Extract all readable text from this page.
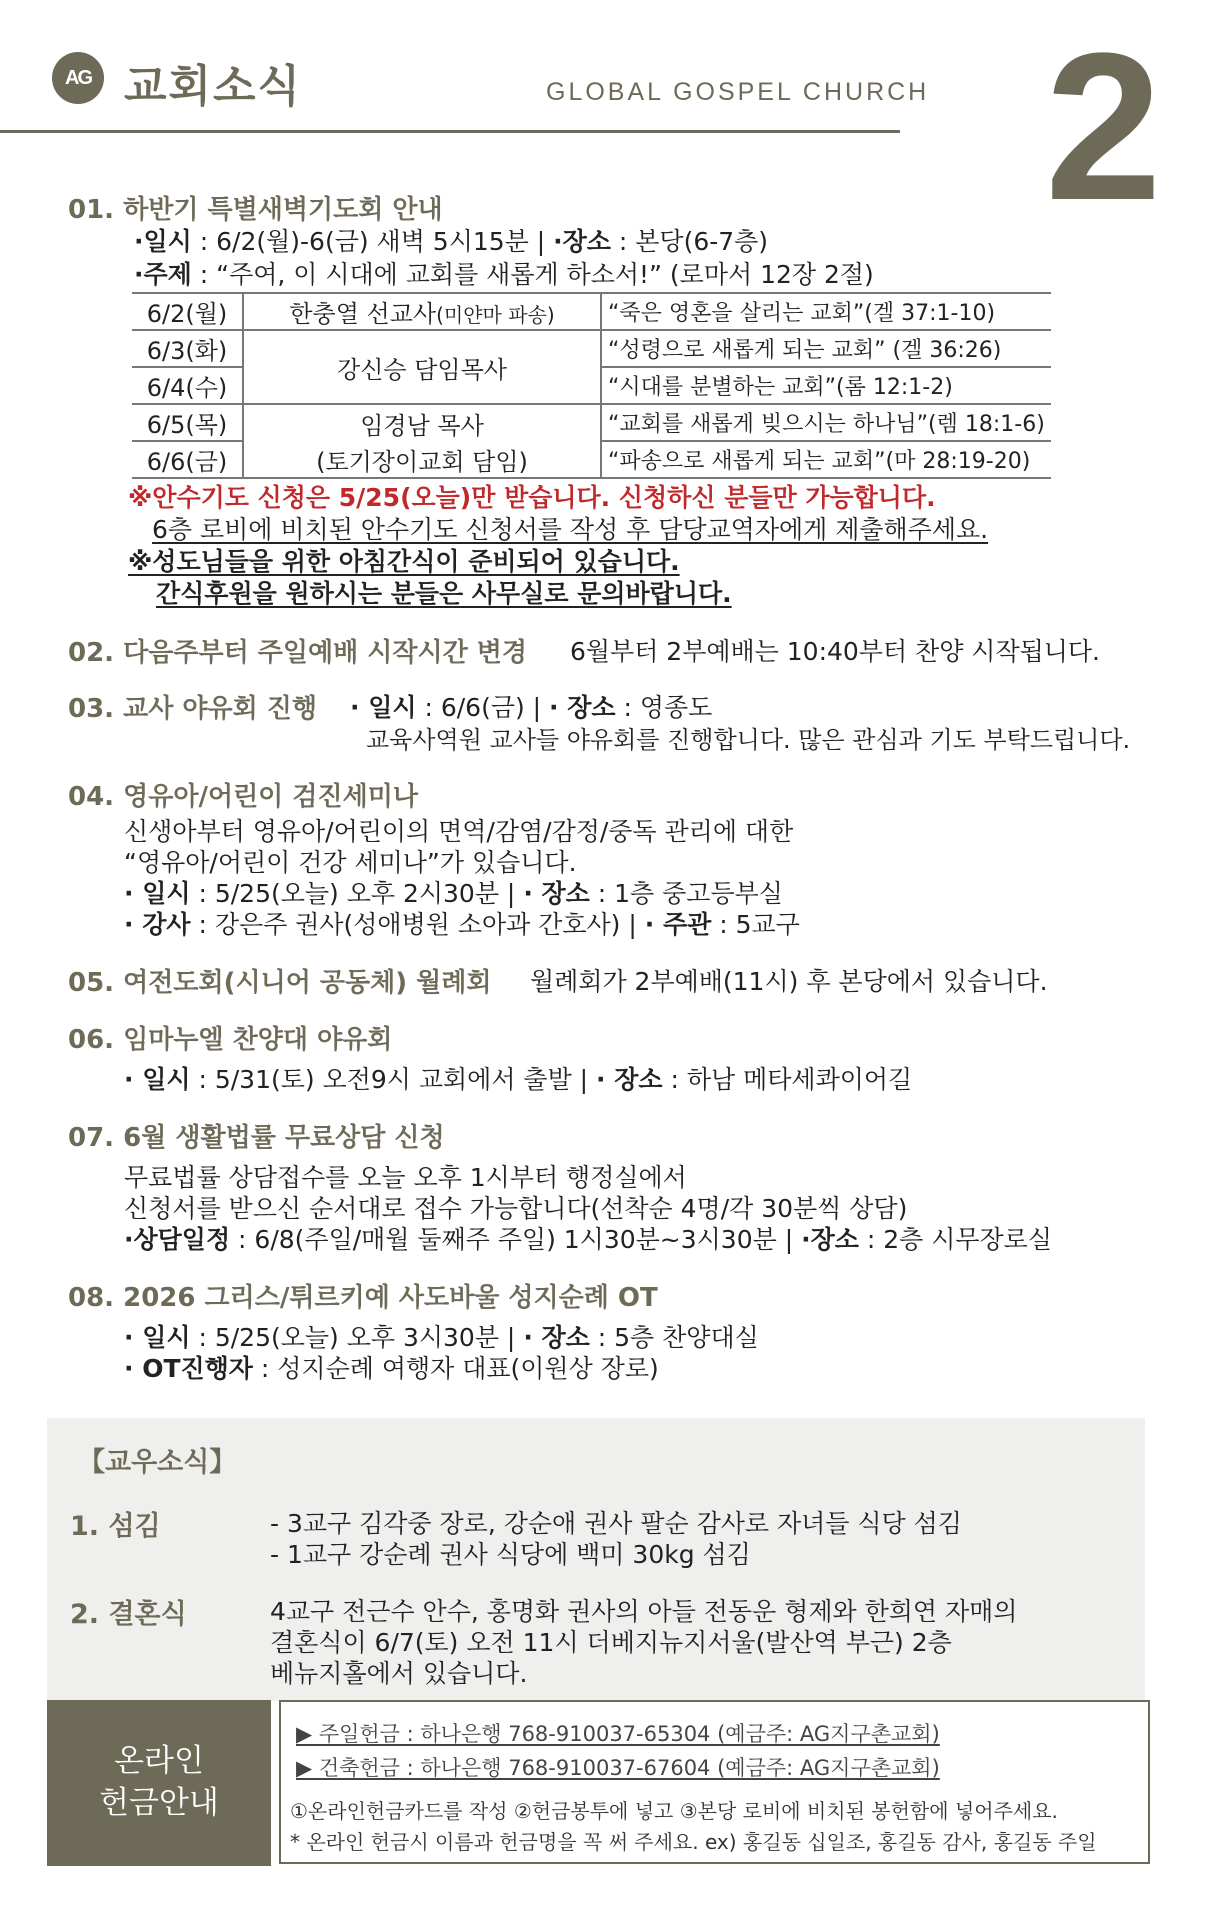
AG 교회소식	GLOBAL GOSPEL CHURCH 2
01. 하반기 특별새벽기도회 안내
·일시 : 6/2(월)-6(금) 새벽 5시15분 | ·장소 : 본당(6-7층)
·주제 : “주여, 이 시대에 교회를 새롭게 하소서!” (로마서 12장 2절)
6/2(월)	한충열 선교사(미얀마 파송)	“죽은 영혼을 살리는 교회”(겔 37:1-10)
6/3(화)	강신승 담임목사	“성령으로 새롭게 되는 교회” (겔 36:26)
6/4(수)		“시대를 분별하는 교회”(롬 12:1-2)
6/5(목)	임경남 목사	“교회를 새롭게 빚으시는 하나님”(렘 18:1-6)
6/6(금)	(토기장이교회 담임)	“파송으로 새롭게 되는 교회”(마 28:19-20)
※안수기도 신청은 5/25(오늘)만 받습니다. 신청하신 분들만 가능합니다.
6층 로비에 비치된 안수기도 신청서를 작성 후 담당교역자에게 제출해주세요.
※성도님들을 위한 아침간식이 준비되어 있습니다.
간식후원을 원하시는 분들은 사무실로 문의바랍니다.
02. 다음주부터 주일예배 시작시간 변경 6월부터 2부예배는 10:40부터 찬양 시작됩니다.
03. 교사 야유회 진행 · 일시 : 6/6(금) | · 장소 : 영종도
교육사역원 교사들 야유회를 진행합니다. 많은 관심과 기도 부탁드립니다.
04. 영유아/어린이 검진세미나
신생아부터 영유아/어린이의 면역/감염/감정/중독 관리에 대한
“영유아/어린이 건강 세미나”가 있습니다.
· 일시 : 5/25(오늘) 오후 2시30분 | · 장소 : 1층 중고등부실
· 강사 : 강은주 권사(성애병원 소아과 간호사) | · 주관 : 5교구
05. 여전도회(시니어 공동체) 월례회 월례회가 2부예배(11시) 후 본당에서 있습니다.
06. 임마누엘 찬양대 야유회
· 일시 : 5/31(토) 오전9시 교회에서 출발 | · 장소 : 하남 메타세콰이어길
07. 6월 생활법률 무료상담 신청
무료법률 상담접수를 오늘 오후 1시부터 행정실에서
신청서를 받으신 순서대로 접수 가능합니다(선착순 4명/각 30분씩 상담)
·상담일정 : 6/8(주일/매월 둘째주 주일) 1시30분~3시30분 | ·장소 : 2층 시무장로실
08. 2026 그리스/튀르키예 사도바울 성지순례 OT
· 일시 : 5/25(오늘) 오후 3시30분 | · 장소 : 5층 찬양대실
· OT진행자 : 성지순례 여행자 대표(이원상 장로)
【교우소식】
1. 섬김	- 3교구 김각중 장로, 강순애 권사 팔순 감사로 자녀들 식당 섬김
- 1교구 강순례 권사 식당에 백미 30kg 섬김
2. 결혼식	4교구 전근수 안수, 홍명화 권사의 아들 전동운 형제와 한희연 자매의
결혼식이 6/7(토) 오전 11시 더베지뉴지서울(발산역 부근) 2층
베뉴지홀에서 있습니다.
온라인
헌금안내
▶ 주일헌금 : 하나은행 768-910037-65304 (예금주: AG지구촌교회)
▶ 건축헌금 : 하나은행 768-910037-67604 (예금주: AG지구촌교회)
①온라인헌금카드를 작성 ②헌금봉투에 넣고 ③본당 로비에 비치된 봉헌함에 넣어주세요.
* 온라인 헌금시 이름과 헌금명을 꼭 써 주세요. ex) 홍길동 십일조, 홍길동 감사, 홍길동 주일
